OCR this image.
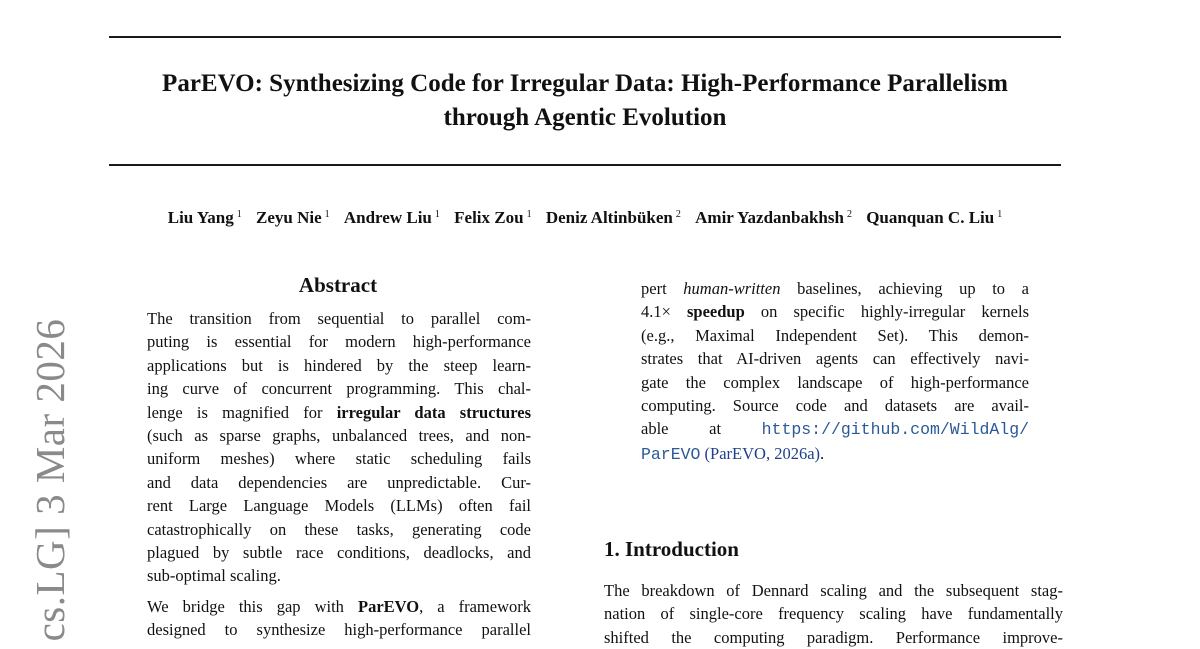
ParEVO: Synthesizing Code for Irregular Data: High-Performance Parallelism
through Agentic Evolution
Liu Yang $^1$ Zeyu Nie $^1$ Andrew Liu $^1$ Felix Zou $^1$ Deniz Altinbüken $^2$ Amir Yazdanbakhsh $^2$ Quanquan C. Liu $^1$
cs.LG] 3 Mar 2026
Abstract

The transition from sequential to parallel com-
puting is essential for modern high-performance
applications but is hindered by the steep learn-
ing curve of concurrent programming. This chal-
lenge is magnified for irregular data structures
(such as sparse graphs, unbalanced trees, and non-
uniform meshes) where static scheduling fails
and data dependencies are unpredictable. Cur-
rent Large Language Models (LLMs) often fail
catastrophically on these tasks, generating code
plagued by subtle race conditions, deadlocks, and
sub-optimal scaling.

We bridge this gap with ParEVO, a framework
designed to synthesize high-performance parallel

pert human-written baselines, achieving up to a
4.1× speedup on specific highly-irregular kernels
(e.g., Maximal Independent Set). This demon-
strates that AI-driven agents can effectively navi-
gate the complex landscape of high-performance
computing. Source code and datasets are avail-
able at https://github.com/WildAlg/
ParEVO (ParEVO, 2026a).
1. Introduction
The breakdown of Dennard scaling and the subsequent stag-
nation of single-core frequency scaling have fundamentally
shifted the computing paradigm. Performance improve-
